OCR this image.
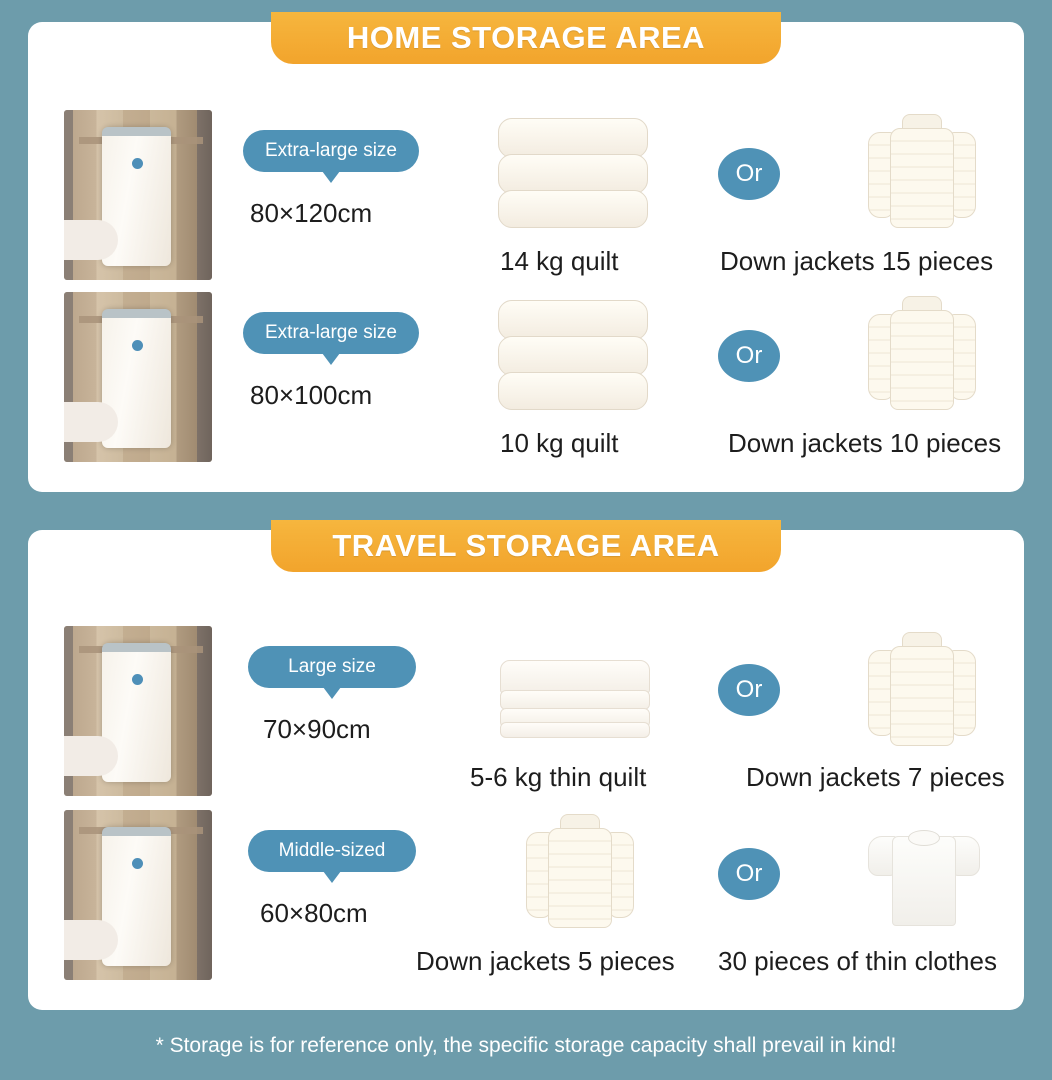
Extra-large size
80×120cm
14 kg quilt
Or
Down jackets 15 pieces
Extra-large size
80×100cm
10 kg quilt
Or
Down jackets 10 pieces
HOME STORAGE AREA
Large size
70×90cm
5-6 kg thin quilt
Or
Down jackets 7 pieces
Middle-sized
60×80cm
Down jackets 5 pieces
Or
30 pieces of thin clothes
TRAVEL STORAGE AREA
* Storage is for reference only, the specific storage capacity shall prevail in kind!
